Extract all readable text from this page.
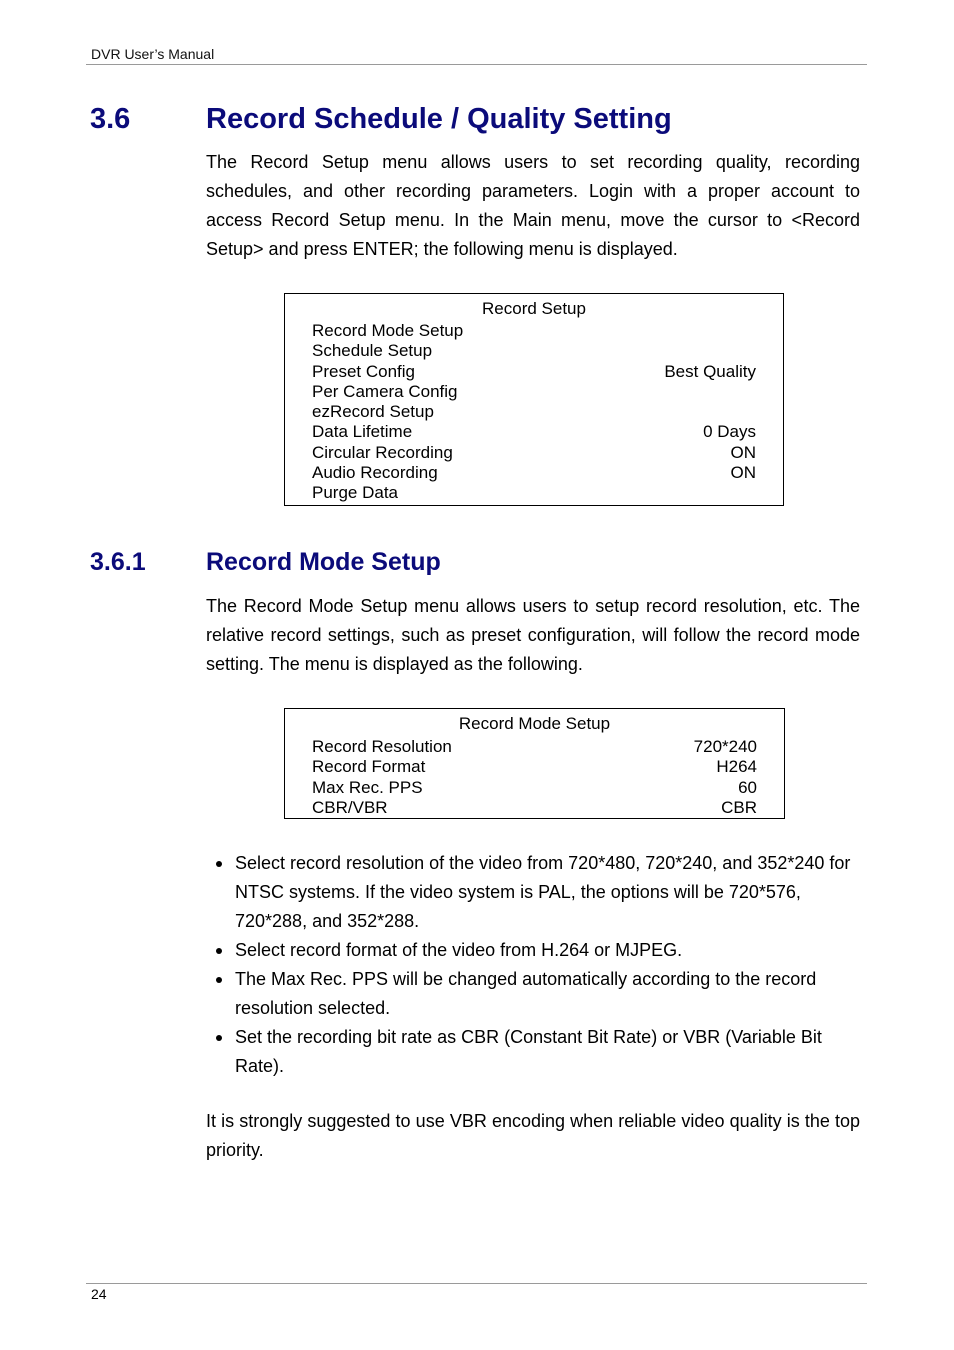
DVR User’s Manual
3.6	Record Schedule / Quality Setting
The Record Setup menu allows users to set recording quality, recording schedules, and other recording parameters. Login with a proper account to access Record Setup menu. In the Main menu, move the cursor to <Record Setup> and press ENTER; the following menu is displayed.
Record Setup
Record Mode Setup
Schedule Setup
Preset Config	Best Quality
Per Camera Config
ezRecord Setup
Data Lifetime	0 Days
Circular Recording	ON
Audio Recording	ON
Purge Data
3.6.1 Record Mode Setup
The Record Mode Setup menu allows users to setup record resolution, etc. The relative record settings, such as preset configuration, will follow the record mode setting. The menu is displayed as the following.
Record Mode Setup
Record Resolution	720*240
Record Format	H264
Max Rec. PPS	60
CBR/VBR	CBR
Select record resolution of the video from 720*480, 720*240, and 352*240 for NTSC systems. If the video system is PAL, the options will be 720*576, 720*288, and 352*288.
Select record format of the video from H.264 or MJPEG.
The Max Rec. PPS will be changed automatically according to the record resolution selected.
Set the recording bit rate as CBR (Constant Bit Rate) or VBR (Variable Bit Rate).
It is strongly suggested to use VBR encoding when reliable video quality is the top priority.
24
